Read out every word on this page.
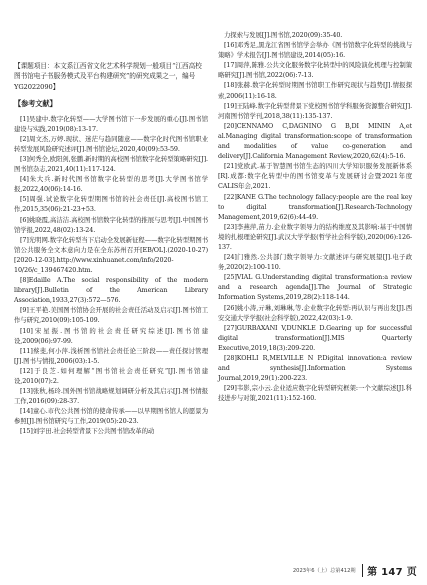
【课题项目：本文系江西省文化艺术科学规划一般项目“江西高校图书馆电子书服务模式及平台构建研究”的研究成果之一，编号YG2022090】

【参考文献】

[1]吴建中.数字化转型——大学图书馆下一步发展的重心[J].图书馆建设与实践,2019(08):13-17.

[2]周文杰,万婷.现状、迷茫与趋同随意——数字化时代图书馆职业转型发展风险研究述评[J].图书馆论坛,2020,40(09):53-59.

[3]何秀全,欧阳剑,张鹏.新时期的高校图书馆数字化转型策略研究[J].图书馆杂志,2021,40(11):117-124.

[4]朱大兵.新时代图书馆数字化转型的思考[J].大学图书馆学报,2022,40(06):14-16.

[5]周强.试论数字化转型期图书馆的社会责任[J].高校图书馆工作,2015,35(06):21-23+53.

[6]姚晓霞,高洁洁.高校图书馆数字化转型的推展与思考[J].中国图书馆学报,2022,48(02):13-24.

[7]光明网.数字化转型当下启动全发展新征程——数字化转型期图书馆公共服务全文本意向力是在全东苏州召开[EB/OL].(2020-10-27)[2020-12-03].http://www.xinhuanet.com/info/2020-10/26/c_139467420.htm.

[8]Edaille A.The social responsibility of the modern library[J].Bulletin of the American Library Association,1933,27(3):572—576.

[9]王平艳.美国图书馆协会开展的社会责任活动及启示[J].图书馆工作与研究,2010(09):105-109.

[10]宋星振.图书馆的社会责任研究综述[J].图书馆建设,2009(06):97-99.

[11]蔡斐,何小萍.浅析图书馆社会责任论三阶段——责任探讨管理[J].图书与情报,2006(03):1-5.

[12]于良芝.如何理解“图书馆社会责任研究”[J].图书馆建设,2010(07):2.

[13]张秋,杨玲.国外图书馆战略规划调研分析及其启示[J].图书情报工作,2016(09):28-37.

[14]童心.市代公共图书馆的使命传承——以早期图书馆人的愿景为参照[J].图书馆研究与工作,2019(05):20-23.

[15]刘宇田.社会转型背景下公共图书馆改革的动

力探索与发展[J].图书馆,2020(09):35-40.

[16]邓秀足,黑龙江省图书馆学会举办《图书馆数字化转型的挑战与策略》学术报告[J].图书馆建设,2014(05):16.

[17]周萍,陈雅.公共文化服务数字化转型中的风险演化机理与控制策略研究[J].图书馆,2022(06):7-13.

[18]张赫.数字化转型时期图书馆职工作研究现状与趋势[J].情报探索,2006(11):16-18.

[19]王陆峰.数字化转型背景下党校图书馆学科服务资源整合研究[J].河南图书馆学刊,2018,38(11):135-137.

[20]CENNAMO C,DAGNINO G B,DI MININ A,et al.Managing digital transformation:scope of transformation and modalities of value co-generation and delivery[J].California Management Review,2020,62(4):5-16.

[21]党欧武.基于智慧图书馆生态的四川大学知识服务发展新体系[R].成都:数字化转型中的图书馆变革与发展研讨会暨2021年度CALIS年会,2021.

[22]KANE G.The technology fallacy:people are the real key to digital transformation[J].Research-Technology Management,2019,62(6):44-49.

[23]李燕萍,苗力.企业数字领导力的结构维度及其影响:基于中国情境的扎根理论研究[J].武汉大学学报(哲学社会科学版),2020(06):126-137.

[24]门雅然.公共部门数字领导力:文献述评与研究展望[J].电子政务,2020(2):100-110.

[25]VIAL G.Understanding digital transformation:a review and a research agenda[J].The Journal of Strategic Information Systems,2019,28(2):118-144.

[26]姚小涛,亓琳,刘琳琳,等.企业数字化转型:再认识与再出发[J].西安交通大学学报(社会科学版),2022,42(03):1-9.

[27]GURBAXANI V,DUNKLE D.Gearing up for successful digital transformation[J].MIS Quarterly Executive,2019,18(3):209-220.

[28]KOHLI R,MELVILLE N P.Digital innovation:a review and synthesis[J].Information Systems Journal,2019,29(1):200-223.

[29]韦影,宗小云.企业适应数字化转型研究框架:一个文献综述[J].科技进步与对策,2021(11):152-160.

2023年6（上）总第412期 第 147 页
